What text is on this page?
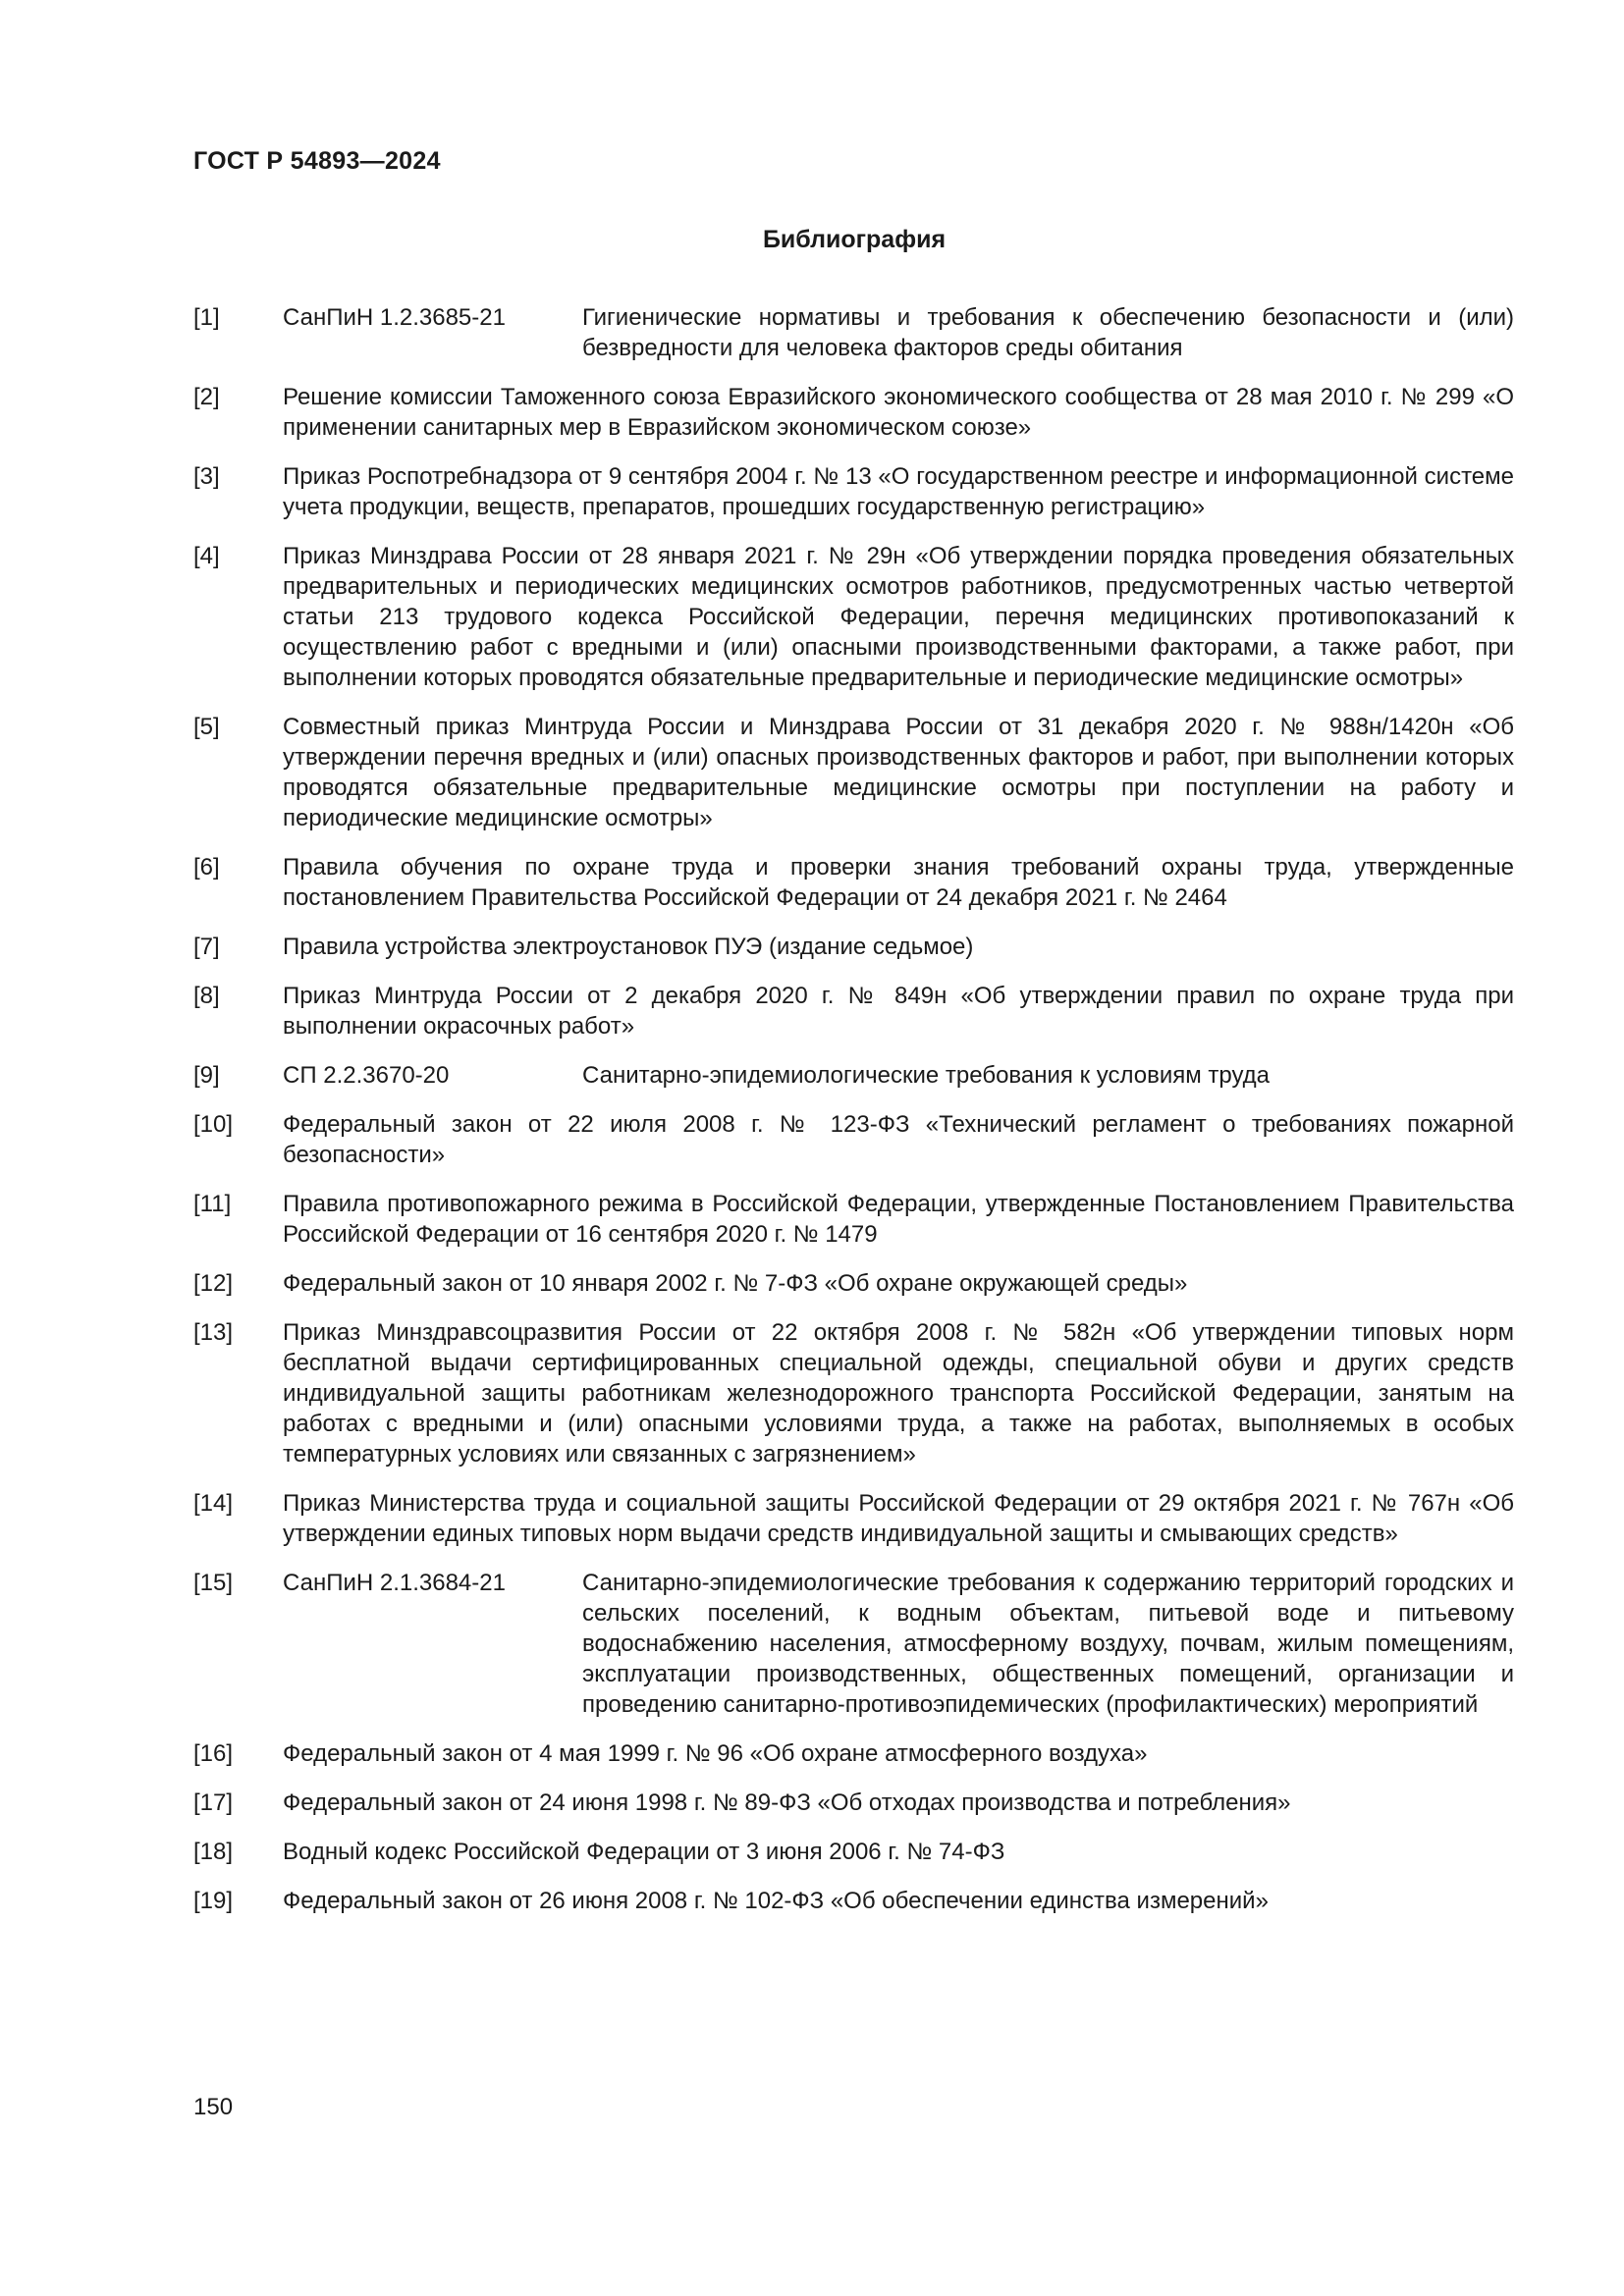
ГОСТ Р 54893—2024
Библиография
[1]	СанПиН 1.2.3685-21	Гигиенические нормативы и требования к обеспечению безопасности и (или) безвредности для человека факторов среды обитания
[2]	Решение комиссии Таможенного союза Евразийского экономического сообщества от 28 мая 2010 г. № 299 «О применении санитарных мер в Евразийском экономическом союзе»
[3]	Приказ Роспотребнадзора от 9 сентября 2004 г. № 13 «О государственном реестре и информационной системе учета продукции, веществ, препаратов, прошедших государственную регистрацию»
[4]	Приказ Минздрава России от 28 января 2021 г. № 29н «Об утверждении порядка проведения обязательных предварительных и периодических медицинских осмотров работников, предусмотренных частью четвертой статьи 213 трудового кодекса Российской Федерации, перечня медицинских противопоказаний к осуществлению работ с вредными и (или) опасными производственными факторами, а также работ, при выполнении которых проводятся обязательные предварительные и периодические медицинские осмотры»
[5]	Совместный приказ Минтруда России и Минздрава России от 31 декабря 2020 г. № 988н/1420н «Об утверждении перечня вредных и (или) опасных производственных факторов и работ, при выполнении которых проводятся обязательные предварительные медицинские осмотры при поступлении на работу и периодические медицинские осмотры»
[6]	Правила обучения по охране труда и проверки знания требований охраны труда, утвержденные постановлением Правительства Российской Федерации от 24 декабря 2021 г. № 2464
[7]	Правила устройства электроустановок ПУЭ (издание седьмое)
[8]	Приказ Минтруда России от 2 декабря 2020 г. № 849н «Об утверждении правил по охране труда при выполнении окрасочных работ»
[9]	СП 2.2.3670-20	Санитарно-эпидемиологические требования к условиям труда
[10] Федеральный закон от 22 июля 2008 г. № 123-ФЗ «Технический регламент о требованиях пожарной безопасности»
[11] Правила противопожарного режима в Российской Федерации, утвержденные Постановлением Правительства Российской Федерации от 16 сентября 2020 г. № 1479
[12] Федеральный закон от 10 января 2002 г. № 7-ФЗ «Об охране окружающей среды»
[13] Приказ Минздравсоцразвития России от 22 октября 2008 г. № 582н «Об утверждении типовых норм бесплатной выдачи сертифицированных специальной одежды, специальной обуви и других средств индивидуальной защиты работникам железнодорожного транспорта Российской Федерации, занятым на работах с вредными и (или) опасными условиями труда, а также на работах, выполняемых в особых температурных условиях или связанных с загрязнением»
[14] Приказ Министерства труда и социальной защиты Российской Федерации от 29 октября 2021 г. № 767н «Об утверждении единых типовых норм выдачи средств индивидуальной защиты и смывающих средств»
[15] СанПиН 2.1.3684-21	Санитарно-эпидемиологические требования к содержанию территорий городских и сельских поселений, к водным объектам, питьевой воде и питьевому водоснабжению населения, атмосферному воздуху, почвам, жилым помещениям, эксплуатации производственных, общественных помещений, организации и проведению санитарно-противоэпидемических (профилактических) мероприятий
[16] Федеральный закон от 4 мая 1999 г. № 96 «Об охране атмосферного воздуха»
[17] Федеральный закон от 24 июня 1998 г. № 89-ФЗ «Об отходах производства и потребления»
[18] Водный кодекс Российской Федерации от 3 июня 2006 г. № 74-ФЗ
[19] Федеральный закон от 26 июня 2008 г. № 102-ФЗ «Об обеспечении единства измерений»
150
